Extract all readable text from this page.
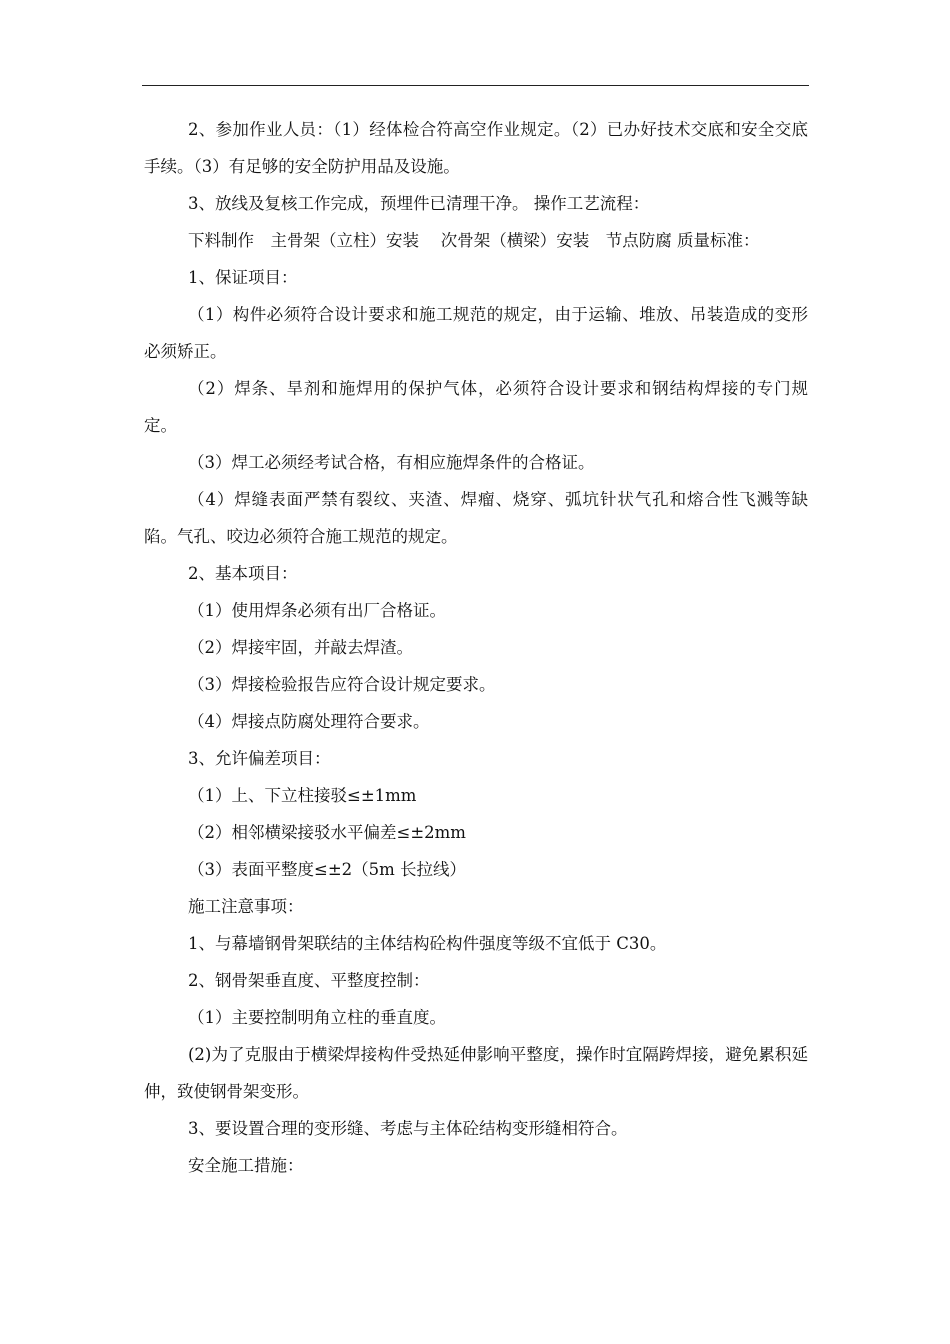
2、参加作业人员：（1）经体检合符高空作业规定。（2）已办好技术交底和安全交底手续。（3）有足够的安全防护用品及设施。

3、放线及复核工作完成，预埋件已清理干净。 操作工艺流程：

下料制作　主骨架（立柱）安装　 次骨架（横梁）安装　节点防腐 质量标准：

1、保证项目：

（1）构件必须符合设计要求和施工规范的规定，由于运输、堆放、吊装造成的变形必须矫正。

（2）焊条、旱剂和施焊用的保护气体，必须符合设计要求和钢结构焊接的专门规定。

（3）焊工必须经考试合格，有相应施焊条件的合格证。

（4）焊缝表面严禁有裂纹、夹渣、焊瘤、烧穿、弧坑针状气孔和熔合性飞溅等缺陷。气孔、咬边必须符合施工规范的规定。

2、基本项目：

（1）使用焊条必须有出厂合格证。

（2）焊接牢固，并敲去焊渣。

（3）焊接检验报告应符合设计规定要求。

（4）焊接点防腐处理符合要求。

3、允许偏差项目：

（1）上、下立柱接驳≤±1mm

（2）相邻横梁接驳水平偏差≤±2mm

（3）表面平整度≤±2（5m 长拉线）

施工注意事项：

1、与幕墙钢骨架联结的主体结构砼构件强度等级不宜低于 C30。

2、钢骨架垂直度、平整度控制：

（1）主要控制明角立柱的垂直度。

(2)为了克服由于横梁焊接构件受热延伸影响平整度，操作时宜隔跨焊接，避免累积延伸，致使钢骨架变形。

3、要设置合理的变形缝、考虑与主体砼结构变形缝相符合。

安全施工措施：
